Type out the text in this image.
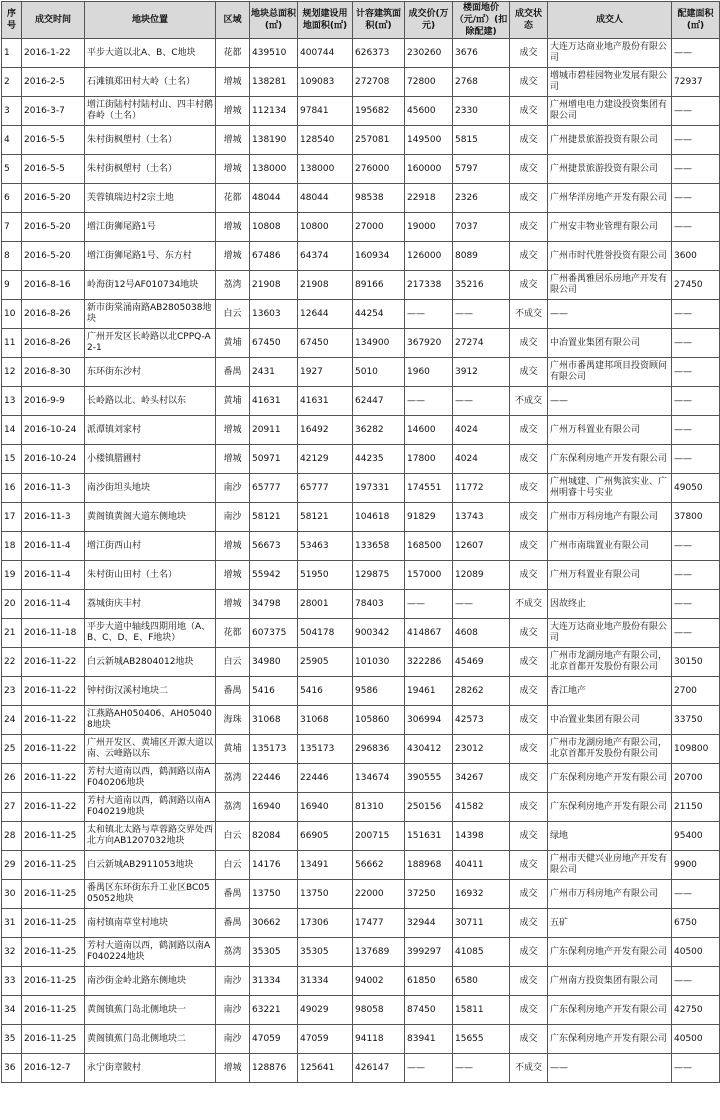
序号	成交时间	地块位置	区域	地块总面积(㎡)	规划建设用地面积(㎡)	计容建筑面积(㎡)	成交价(万元)	楼面地价（元/㎡）(扣除配建)	成交状态	成交人	配建面积(㎡)
1	2016-1-22	平步大道以北A、B、C地块	花都	439510	400744	626373	230260	3676	成交	大连万达商业地产股份有限公司	——
2	2016-2-5	石滩镇郑田村大岭（土名）	增城	138281	109083	272708	72800	2768	成交	增城市碧桂园物业发展有限公司	72937
3	2016-3-7	增江街陆村村陆村山、四丰村鹅春岭（土名）	增城	112134	97841	195682	45600	2330	成交	广州增电电力建设投资集团有限公司	——
4	2016-5-5	朱村街枫塱村（土名）	增城	138190	128540	257081	149500	5815	成交	广州捷景旅游投资有限公司	——
5	2016-5-5	朱村街枫塱村（土名）	增城	138000	138000	276000	160000	5797	成交	广州捷景旅游投资有限公司	——
6	2016-5-20	芙蓉镇瑞边村2宗土地	花都	48044	48044	98538	22918	2326	成交	广州华洋房地产开发有限公司	——
7	2016-5-20	增江街狮尾路1号	增城	10808	10800	27000	19000	7037	成交	广州安丰物业管理有限公司	——
8	2016-5-20	增江街狮尾路1号、东方村	增城	67486	64374	160934	126000	8089	成交	广州市时代胜誉投资有限公司	3600
9	2016-8-16	岭海街12号AF010734地块	荔湾	21908	21908	89166	217338	35216	成交	广州番禺雅居乐房地产开发有限公司	27450
10	2016-8-26	新市街棠涌南路AB2805038地块	白云	13603	12644	44254	——	——	不成交	——	——
11	2016-8-26	广州开发区长岭路以北CPPQ-A2-1	黄埔	67450	67450	134900	367920	27274	成交	中冶置业集团有限公司	——
12	2016-8-30	东环街东沙村	番禺	2431	1927	5010	1960	3912	成交	广州市番禺建邦项目投资顾问有限公司	——
13	2016-9-9	长岭路以北、岭头村以东	黄埔	41631	41631	62447	——	——	不成交	——	——
14	2016-10-24	派潭镇刘家村	增城	20911	16492	36282	14600	4024	成交	广州万科置业有限公司	——
15	2016-10-24	小楼镇腊圃村	增城	50971	42129	44235	17800	4024	成交	广东保利房地产开发有限公司	——
16	2016-11-3	南沙街坦头地块	南沙	65777	65777	197331	174551	11772	成交	广州城建、广州隽滨实业、广州明睿十号实业	49050
17	2016-11-3	黄阁镇黄阁大道东侧地块	南沙	58121	58121	104618	91829	13743	成交	广州市万科房地产有限公司	37800
18	2016-11-4	增江街西山村	增城	56673	53463	133658	168500	12607	成交	广州市南瑞置业有限公司	——
19	2016-11-4	朱村街山田村（土名）	增城	55942	51950	129875	157000	12089	成交	广州万科置业有限公司	——
20	2016-11-4	荔城街庆丰村	增城	34798	28001	78403	——	——	不成交	因故终止	——
21	2016-11-18	平步大道中轴线四期用地（A、B、C、D、E、F地块）	花都	607375	504178	900342	414867	4608	成交	大连万达商业地产股份有限公司	——
22	2016-11-22	白云新城AB2804012地块	白云	34980	25905	101030	322286	45469	成交	广州市龙湖房地产有限公司，北京首都开发股份有限公司	30150
23	2016-11-22	钟村街汉溪村地块二	番禺	5416	5416	9586	19461	28262	成交	香江地产	2700
24	2016-11-22	江燕路AH050406、AH050408地块	海珠	31068	31068	105860	306994	42573	成交	中冶置业集团有限公司	33750
25	2016-11-22	广州开发区、黄埔区开源大道以南、云峰路以东	黄埔	135173	135173	296836	430412	23012	成交	广州市龙湖房地产有限公司，北京首都开发股份有限公司	109800
26	2016-11-22	芳村大道南以西，鹤洞路以南AF040206地块	荔湾	22446	22446	134674	390555	34267	成交	广东保利房地产开发有限公司	20700
27	2016-11-22	芳村大道南以西，鹤洞路以南AF040219地块	荔湾	16940	16940	81310	250156	41582	成交	广东保利房地产开发有限公司	21150
28	2016-11-25	太和镇北太路与草蓉路交界处西北方向AB1207032地块	白云	82084	66905	200715	151631	14398	成交	绿地	95400
29	2016-11-25	白云新城AB2911053地块	白云	14176	13491	56662	188968	40411	成交	广州市天健兴业房地产开发有限公司	9900
30	2016-11-25	番禺区东环街东升工业区BC0505052地块	番禺	13750	13750	22000	37250	16932	成交	广州市万科房地产有限公司	——
31	2016-11-25	南村镇南草堂村地块	番禺	30662	17306	17477	32944	30711	成交	五矿	6750
32	2016-11-25	芳村大道南以西，鹤洞路以南AF040224地块	荔湾	35305	35305	137689	399297	41085	成交	广东保利房地产开发有限公司	40500
33	2016-11-25	南沙街金岭北路东侧地块	南沙	31334	31334	94002	61850	6580	成交	广州南方投资集团有限公司	——
34	2016-11-25	黄阁镇蕉门岛北侧地块一	南沙	63221	49029	98058	87450	15811	成交	广东保利房地产开发有限公司	42750
35	2016-11-25	黄阁镇蕉门岛北侧地块二	南沙	47059	47059	94118	83941	15655	成交	广东保利房地产开发有限公司	40500
36	2016-12-7	永宁街章陂村	增城	128876	125641	426147	——	——	不成交	——	——
